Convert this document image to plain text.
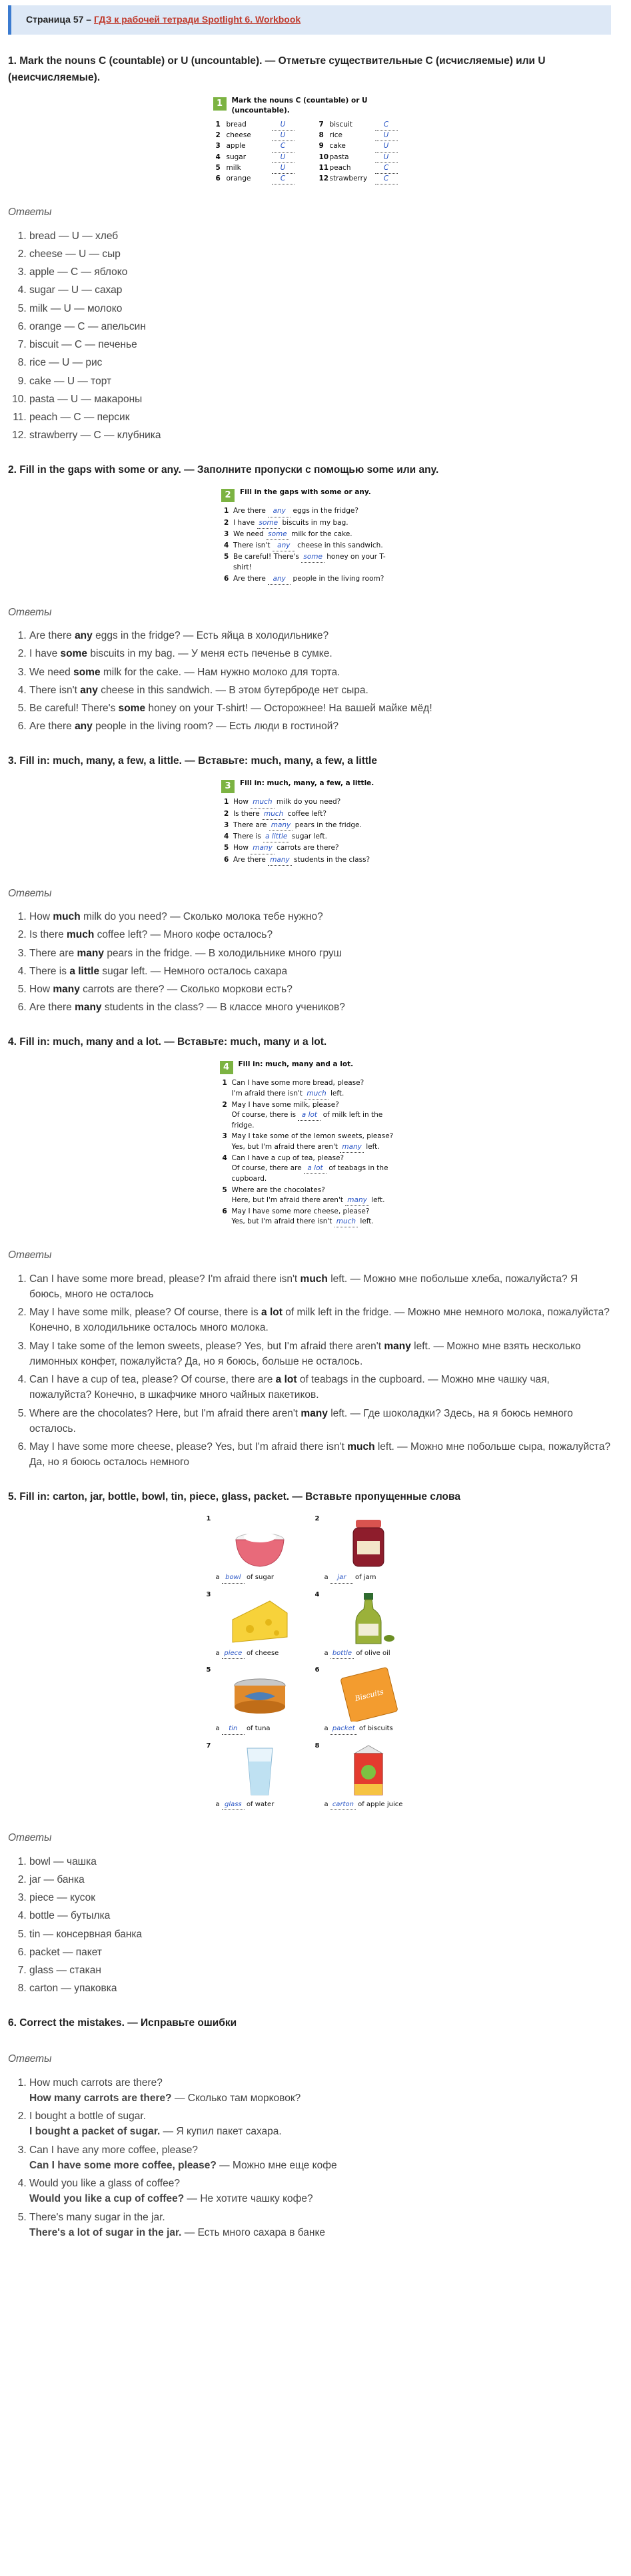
Страница 57 – ГДЗ к рабочей тетради Spotlight 6. Workbook
1. Mark the nouns C (countable) or U (uncountable). — Отметьте существительные С (исчисляемые) или U (неисчисляемые).
1	Mark the nouns C (countable) or U (uncountable).
1 bread	U
2 cheese	U
3 apple	C
4 sugar	U
5 milk	U
6 orange	C
7 biscuit	C
8 rice	U
9 cake	U
10 pasta	U
11 peach	C
12 strawberry	C
Ответы
1. bread — U — хлеб
2. cheese — U — сыр
3. apple — C — яблоко
4. sugar — U — сахар
5. milk — U — молоко
6. orange — C — апельсин
7. biscuit — C — печенье
8. rice — U — рис
9. cake — U — торт
10. pasta — U — макароны
11. peach — C — персик
12. strawberry — C — клубника
2. Fill in the gaps with some or any. — Заполните пропуски с помощью some или any.
2	Fill in the gaps with some or any.
1 Are there any eggs in the fridge?
2 I have some biscuits in my bag.
3 We need some milk for the cake.
4 There isn't any cheese in this sandwich.
5 Be careful! There's some honey on your T-shirt!
6 Are there any people in the living room?
Ответы
1. Are there any eggs in the fridge? — Есть яйца в холодильнике?
2. I have some biscuits in my bag. — У меня есть печенье в сумке.
3. We need some milk for the cake. — Нам нужно молоко для торта.
4. There isn't any cheese in this sandwich. — В этом бутерброде нет сыра.
5. Be careful! There's some honey on your T-shirt! — Осторожнее! На вашей майке мёд!
6. Are there any people in the living room? — Есть люди в гостиной?
3. Fill in: much, many, a few, a little. — Вставьте: much, many, a few, a little
3	Fill in: much, many, a few, a little.
1 How much milk do you need?
2 Is there much coffee left?
3 There are many pears in the fridge.
4 There is a little sugar left.
5 How many carrots are there?
6 Are there many students in the class?
Ответы
1. How much milk do you need? — Сколько молока тебе нужно?
2. Is there much coffee left? — Много кофе осталось?
3. There are many pears in the fridge. — В холодильнике много груш
4. There is a little sugar left. — Немного осталось сахара
5. How many carrots are there? — Сколько моркови есть?
6. Are there many students in the class? — В классе много учеников?
4. Fill in: much, many and a lot. — Вставьте: much, many и a lot.
4	Fill in: much, many and a lot.
1 Can I have some more bread, please?
I'm afraid there isn't much left.
2 May I have some milk, please?
Of course, there is a lot of milk left in the fridge.
3 May I take some of the lemon sweets, please?
Yes, but I'm afraid there aren't many left.
4 Can I have a cup of tea, please?
Of course, there are a lot of teabags in the cupboard.
5 Where are the chocolates?
Here, but I'm afraid there aren't many left.
6 May I have some more cheese, please?
Yes, but I'm afraid there isn't much left.
Ответы
1. Can I have some more bread, please? I'm afraid there isn't much left. — Можно мне побольше хлеба, пожалуйста? Я боюсь, много не осталось
2. May I have some milk, please? Of course, there is a lot of milk left in the fridge. — Можно мне немного молока, пожалуйста? Конечно, в холодильнике осталось много молока.
3. May I take some of the lemon sweets, please? Yes, but I'm afraid there aren't many left. — Можно мне взять несколько лимонных конфет, пожалуйста? Да, но я боюсь, больше не осталось.
4. Can I have a cup of tea, please? Of course, there are a lot of teabags in the cupboard. — Можно мне чашку чая, пожалуйста? Конечно, в шкафчике много чайных пакетиков.
5. Where are the chocolates? Here, but I'm afraid there aren't many left. — Где шоколадки? Здесь, на я боюсь немного осталось.
6. May I have some more cheese, please? Yes, but I'm afraid there isn't much left. — Можно мне побольше сыра, пожалуйста? Да, но я боюсь осталось немного
5. Fill in: carton, jar, bottle, bowl, tin, piece, glass, packet. — Вставьте пропущенные слова
1
a bowl of sugar
2
a jar of jam
3
a piece of cheese
4
a bottle of olive oil
5
a tin of tuna
6
Biscuits
a packet of biscuits
7
a glass of water
8
a carton of apple juice
Ответы
1. bowl — чашка
2. jar — банка
3. piece — кусок
4. bottle — бутылка
5. tin — консервная банка
6. packet — пакет
7. glass — стакан
8. carton — упаковка
6. Correct the mistakes. — Исправьте ошибки
Ответы
1. How much carrots are there?
How many carrots are there? — Сколько там морковок?
2. I bought a bottle of sugar.
I bought a packet of sugar. — Я купил пакет сахара.
3. Can I have any more coffee, please?
Can I have some more coffee, please? — Можно мне еще кофе
4. Would you like a glass of coffee?
Would you like a cup of coffee? — Не хотите чашку кофе?
5. There's many sugar in the jar.
There's a lot of sugar in the jar. — Есть много сахара в банке
